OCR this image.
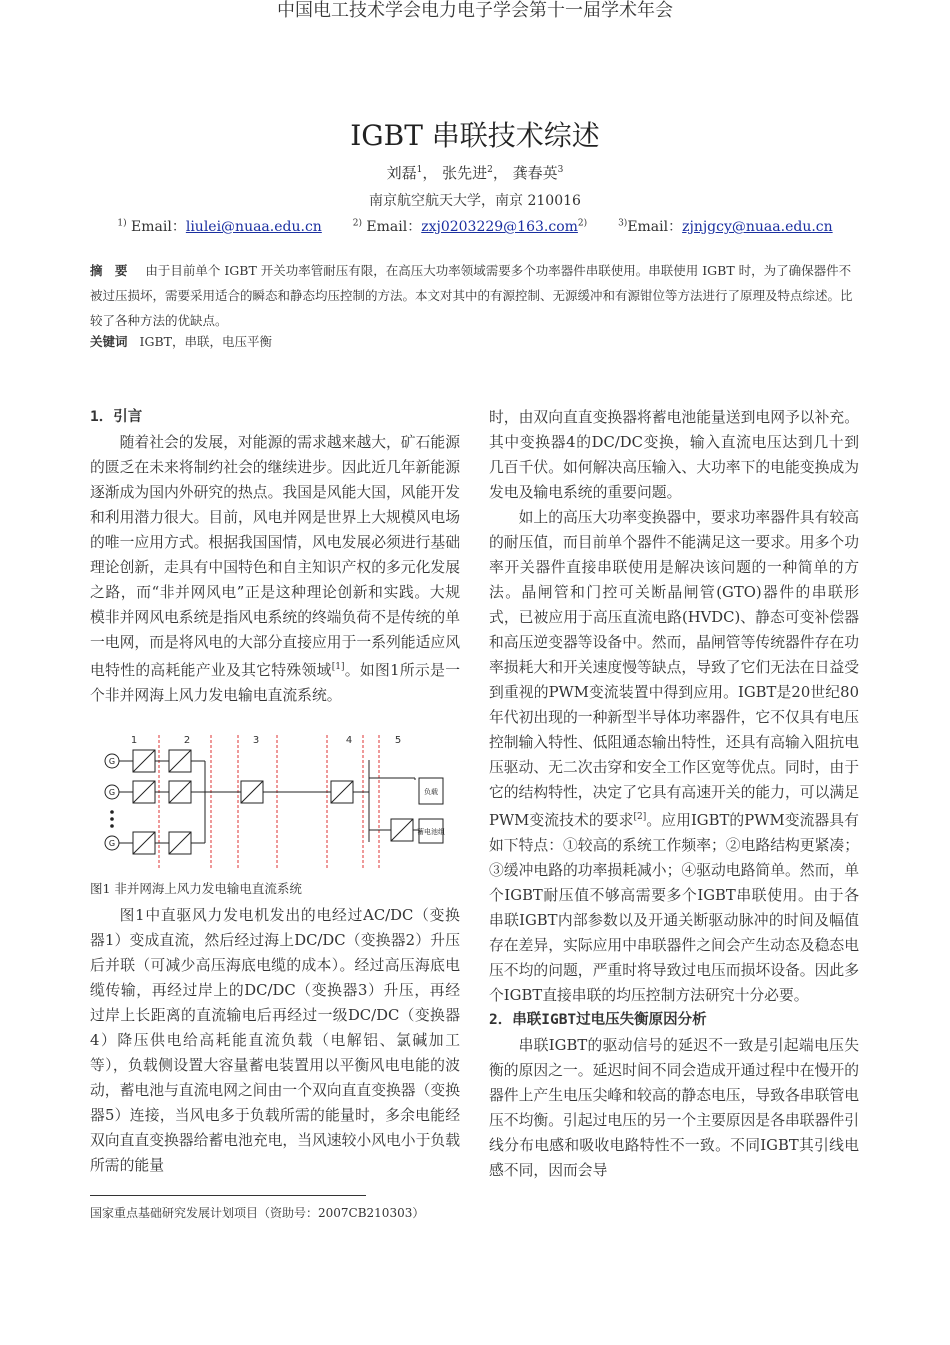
中国电工技术学会电力电子学会第十一届学术年会
IGBT 串联技术综述
刘磊$^1$， 张先进$^2$， 龚春英$^3$
南京航空航天大学，南京 210016
$^{1)}$ Email：liulei@nuaa.edu.cn	$^{2)}$ Email：zxj0203229@163.com$^{2)}$	$^{3)}$Email：zjnjgcy@nuaa.edu.cn
摘 要 由于目前单个 IGBT 开关功率管耐压有限，在高压大功率领域需要多个功率器件串联使用。串联使用 IGBT 时，为了确保器件不被过压损坏，需要采用适合的瞬态和静态均压控制的方法。本文对其中的有源控制、无源缓冲和有源钳位等方法进行了原理及特点综述。比较了各种方法的优缺点。
关键词 IGBT，串联，电压平衡

1．引言

随着社会的发展，对能源的需求越来越大，矿石能源的匮乏在未来将制约社会的继续进步。因此近几年新能源逐渐成为国内外研究的热点。我国是风能大国，风能开发和利用潜力很大。目前，风电并网是世界上大规模风电场的唯一应用方式。根据我国国情，风电发展必须进行基础理论创新，走具有中国特色和自主知识产权的多元化发展之路，而“非并网风电”正是这种理论创新和实践。大规模非并网风电系统是指风电系统的终端负荷不是传统的单一电网，而是将风电的大部分直接应用于一系列能适应风电特性的高耗能产业及其它特殊领域[1]。如图1所示是一个非并网海上风力发电输电直流系统。

1	2	3	4	5
G
G
G
负载
蓄电池组
图1 非并网海上风力发电输电直流系统

图1中直驱风力发电机发出的电经过AC/DC（变换器1）变成直流，然后经过海上DC/DC（变换器2）升压后并联（可减少高压海底电缆的成本）。经过高压海底电缆传输，再经过岸上的DC/DC（变换器3）升压，再经过岸上长距离的直流输电后再经过一级DC/DC（变换器4）降压供电给高耗能直流负载（电解铝、氯碱加工等），负载侧设置大容量蓄电装置用以平衡风电电能的波动，蓄电池与直流电网之间由一个双向直直变换器（变换器5）连接，当风电多于负载所需的能量时，多余电能经双向直直变换器给蓄电池充电，当风速较小风电小于负载所需的能量

时，由双向直直变换器将蓄电池能量送到电网予以补充。其中变换器4的DC/DC变换，输入直流电压达到几十到几百千伏。如何解决高压输入、大功率下的电能变换成为发电及输电系统的重要问题。

如上的高压大功率变换器中，要求功率器件具有较高的耐压值，而目前单个器件不能满足这一要求。用多个功率开关器件直接串联使用是解决该问题的一种简单的方法。晶闸管和门控可关断晶闸管(GTO)器件的串联形式，已被应用于高压直流电路(HVDC)、静态可变补偿器和高压逆变器等设备中。然而，晶闸管等传统器件存在功率损耗大和开关速度慢等缺点，导致了它们无法在日益受到重视的PWM变流装置中得到应用。IGBT是20世纪80年代初出现的一种新型半导体功率器件，它不仅具有电压控制输入特性、低阻通态输出特性，还具有高输入阻抗电压驱动、无二次击穿和安全工作区宽等优点。同时，由于它的结构特性，决定了它具有高速开关的能力，可以满足PWM变流技术的要求[2]。应用IGBT的PWM变流器具有如下特点：①较高的系统工作频率；②电路结构更紧凑；③缓冲电路的功率损耗减小；④驱动电路简单。然而，单个IGBT耐压值不够高需要多个IGBT串联使用。由于各串联IGBT内部参数以及开通关断驱动脉冲的时间及幅值存在差异，实际应用中串联器件之间会产生动态及稳态电压不均的问题，严重时将导致过电压而损坏设备。因此多个IGBT直接串联的均压控制方法研究十分必要。

2．串联IGBT过电压失衡原因分析

串联IGBT的驱动信号的延迟不一致是引起端电压失衡的原因之一。延迟时间不同会造成开通过程中在慢开的器件上产生电压尖峰和较高的静态电压，导致各串联管电压不均衡。引起过电压的另一个主要原因是各串联器件引线分布电感和吸收电路特性不一致。不同IGBT其引线电感不同，因而会导

国家重点基础研究发展计划项目（资助号：2007CB210303）
